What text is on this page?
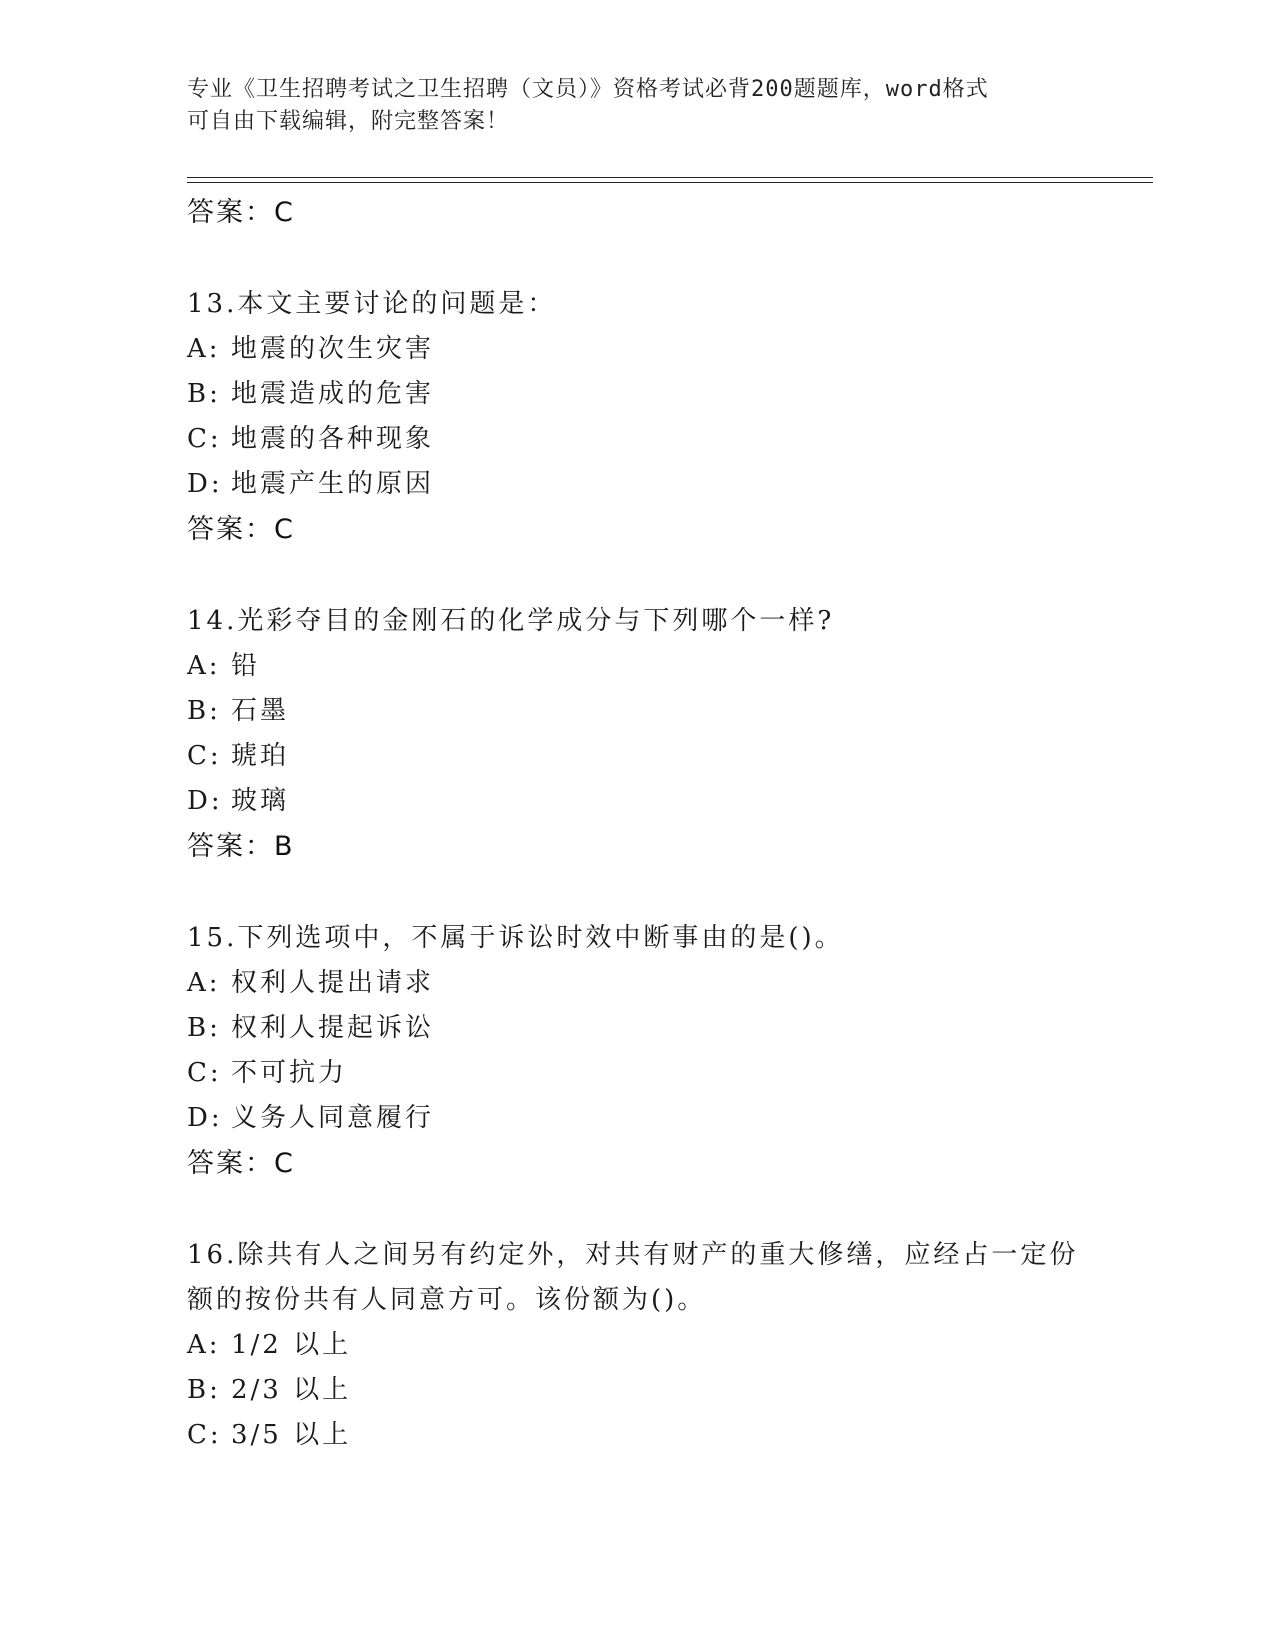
专业《卫生招聘考试之卫生招聘（文员）》资格考试必背200题题库，word格式
可自由下载编辑，附完整答案！
答案：C
13.本文主要讨论的问题是：
A: 地震的次生灾害
B: 地震造成的危害
C: 地震的各种现象
D: 地震产生的原因
答案：C
14.光彩夺目的金刚石的化学成分与下列哪个一样?
A: 铅
B: 石墨
C: 琥珀
D: 玻璃
答案：B
15.下列选项中，不属于诉讼时效中断事由的是()。
A: 权利人提出请求
B: 权利人提起诉讼
C: 不可抗力
D: 义务人同意履行
答案：C
16.除共有人之间另有约定外，对共有财产的重大修缮，应经占一定份
额的按份共有人同意方可。该份额为()。
A: 1/2 以上
B: 2/3 以上
C: 3/5 以上
